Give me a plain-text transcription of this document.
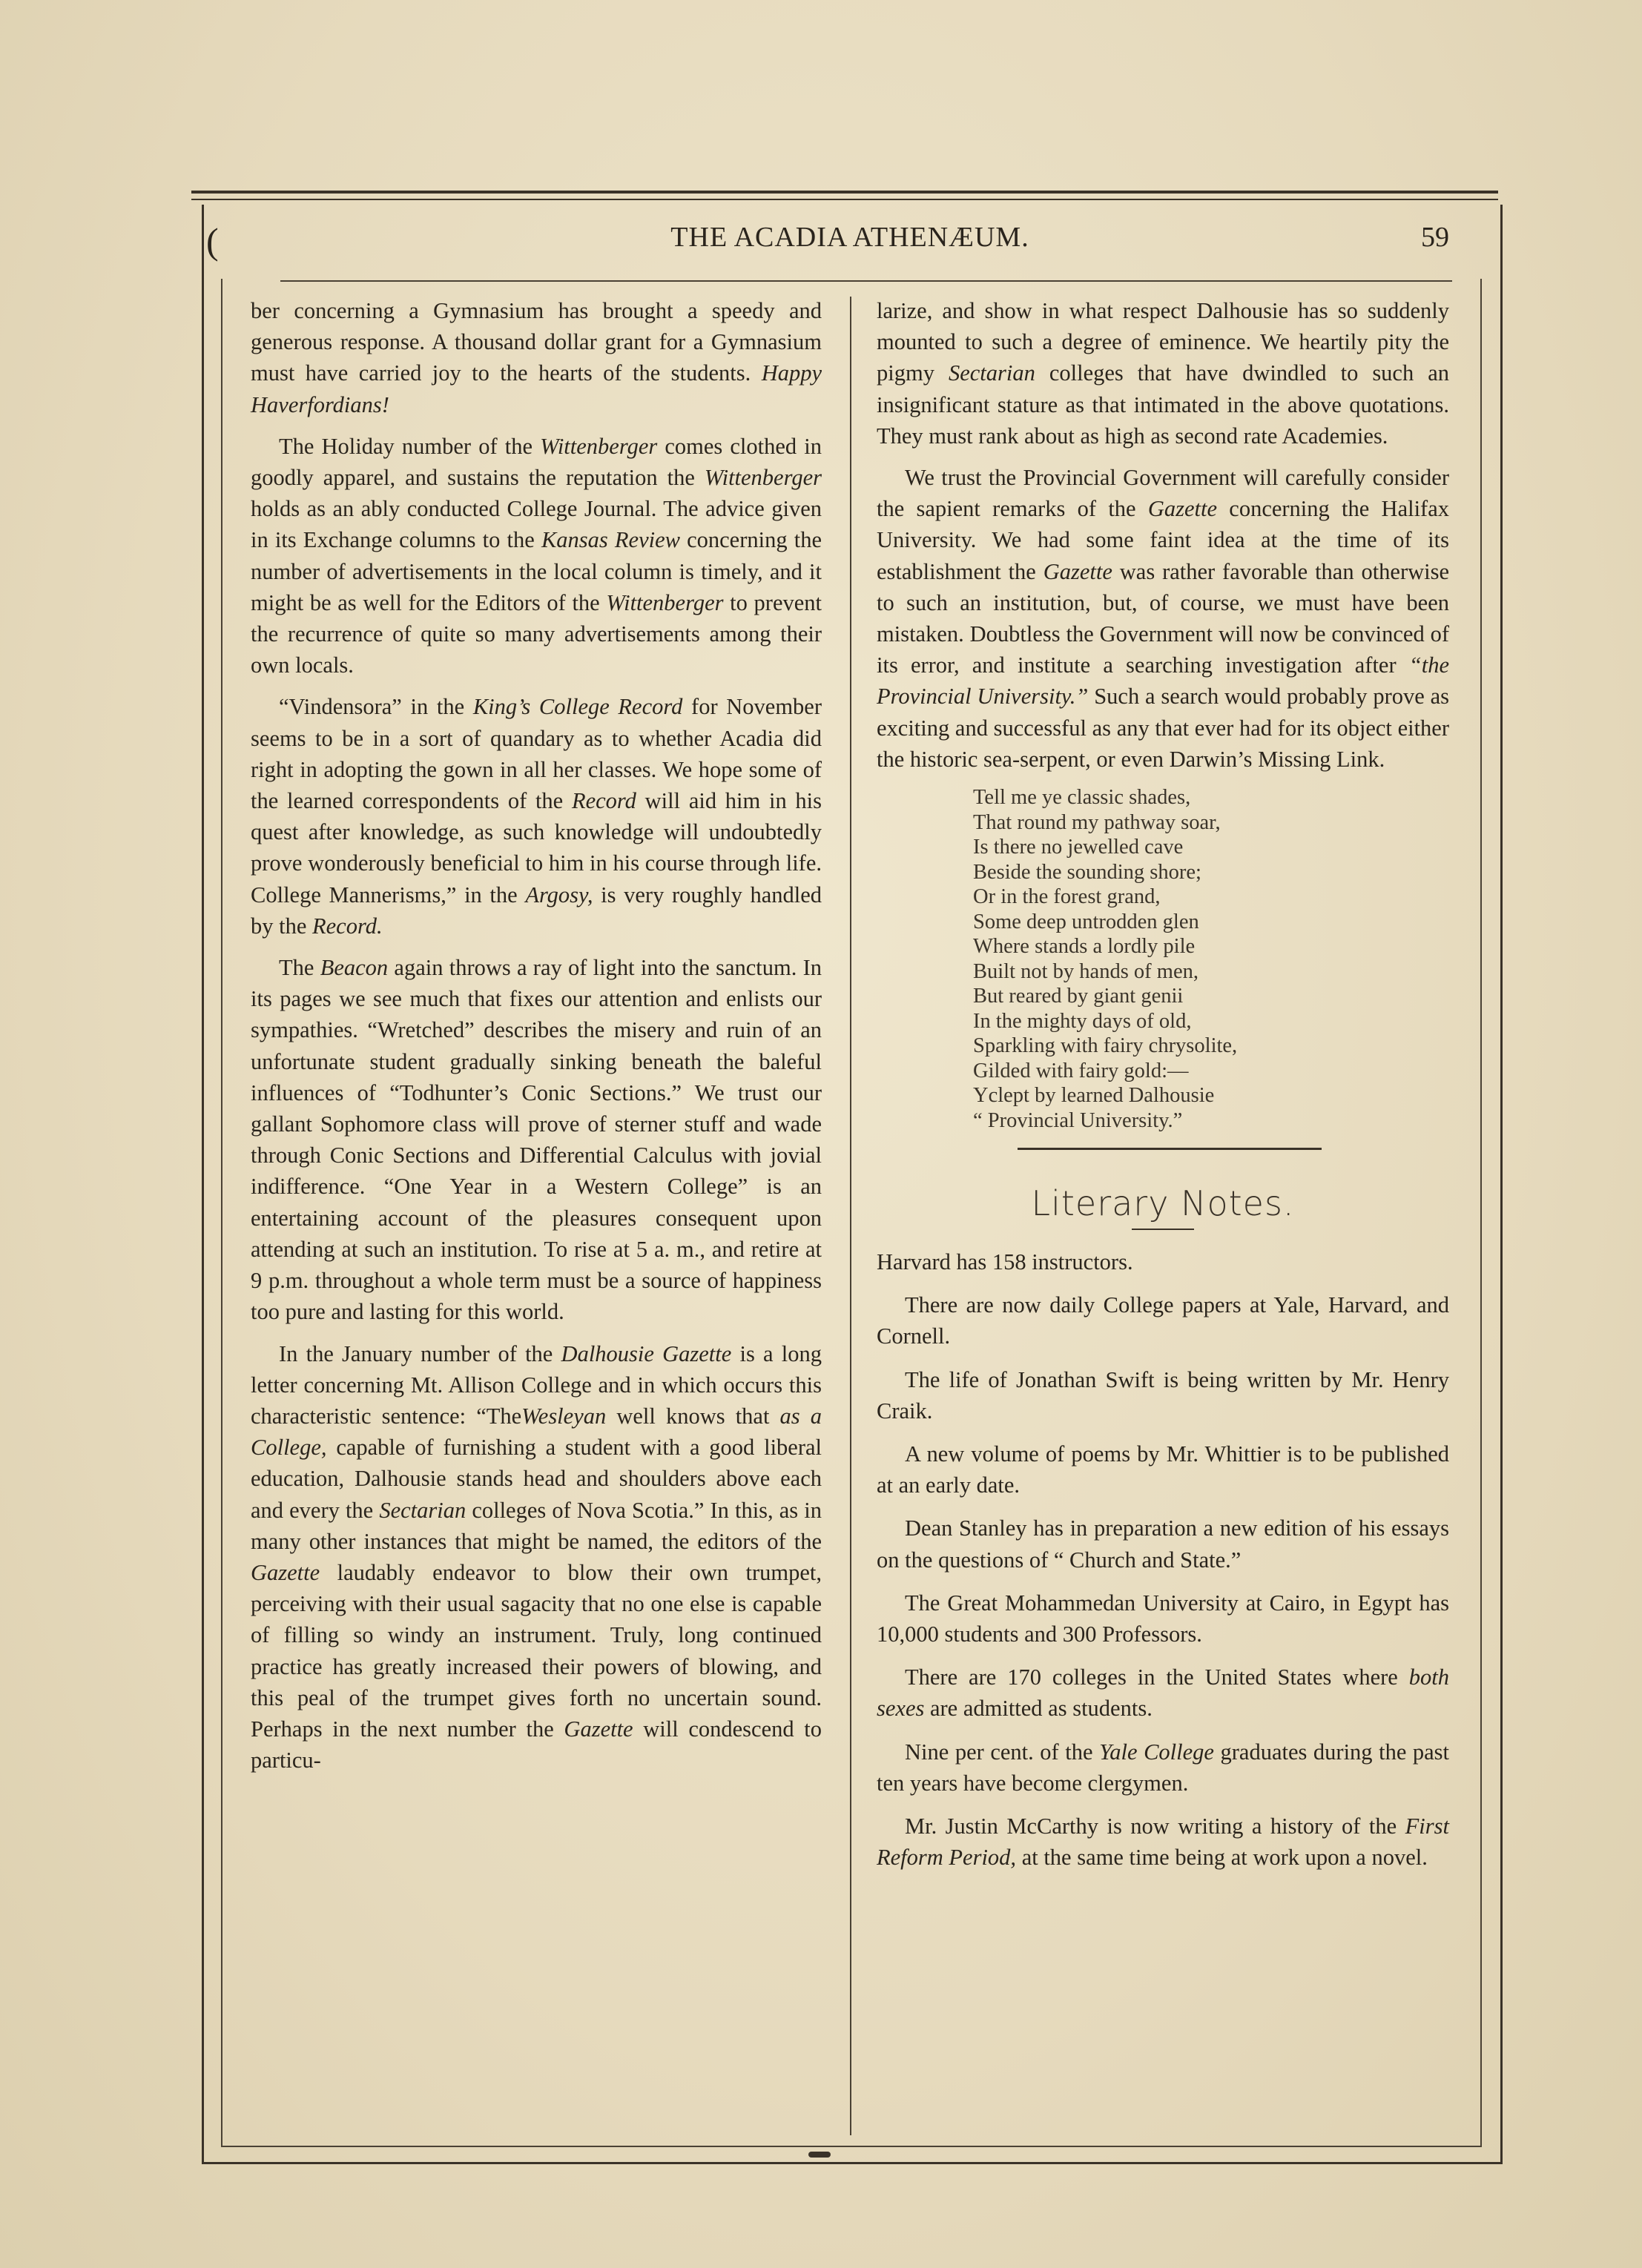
(	THE ACADIA ATHENÆUM.	59

ber concerning a Gymnasium has brought a speedy and generous response. A thousand dollar grant for a Gymnasium must have carried joy to the hearts of the students. Happy Haverfordians!

The Holiday number of the Wittenberger comes clothed in goodly apparel, and sustains the reputation the Wittenberger holds as an ably conducted College Journal. The advice given in its Exchange columns to the Kansas Review concerning the number of advertisements in the local column is timely, and it might be as well for the Editors of the Wittenberger to prevent the recurrence of quite so many advertisements among their own locals.

“Vindensora” in the King’s College Record for November seems to be in a sort of quandary as to whether Acadia did right in adopting the gown in all her classes. We hope some of the learned correspondents of the Record will aid him in his quest after knowledge, as such knowledge will undoubtedly prove wonderously beneficial to him in his course through life. College Mannerisms,” in the Argosy, is very roughly handled by the Record.

The Beacon again throws a ray of light into the sanctum. In its pages we see much that fixes our attention and enlists our sympathies. “Wretched” describes the misery and ruin of an unfortunate student gradually sinking beneath the baleful influences of “Todhunter’s Conic Sections.” We trust our gallant Sophomore class will prove of sterner stuff and wade through Conic Sections and Differential Calculus with jovial indifference. “One Year in a Western College” is an entertaining account of the pleasures consequent upon attending at such an institution. To rise at 5 a. m., and retire at 9 p.m. throughout a whole term must be a source of happiness too pure and lasting for this world.

In the January number of the Dalhousie Gazette is a long letter concerning Mt. Allison College and in which occurs this characteristic sentence: “TheWesleyan well knows that as a College, capable of furnishing a student with a good liberal education, Dalhousie stands head and shoulders above each and every the Sectarian colleges of Nova Scotia.” In this, as in many other instances that might be named, the editors of the Gazette laudably endeavor to blow their own trumpet, perceiving with their usual sagacity that no one else is capable of filling so windy an instrument. Truly, long continued practice has greatly increased their powers of blowing, and this peal of the trumpet gives forth no uncertain sound. Perhaps in the next number the Gazette will condescend to particu-

larize, and show in what respect Dalhousie has so suddenly mounted to such a degree of eminence. We heartily pity the pigmy Sectarian colleges that have dwindled to such an insignificant stature as that intimated in the above quotations. They must rank about as high as second rate Academies.

We trust the Provincial Government will carefully consider the sapient remarks of the Gazette concerning the Halifax University. We had some faint idea at the time of its establishment the Gazette was rather favorable than otherwise to such an institution, but, of course, we must have been mistaken. Doubtless the Government will now be convinced of its error, and institute a searching investigation after “the Provincial University.” Such a search would probably prove as exciting and successful as any that ever had for its object either the historic sea-serpent, or even Darwin’s Missing Link.

Tell me ye classic shades,
That round my pathway soar,
Is there no jewelled cave
Beside the sounding shore;
Or in the forest grand,
Some deep untrodden glen
Where stands a lordly pile
Built not by hands of men,
But reared by giant genii
In the mighty days of old,
Sparkling with fairy chrysolite,
Gilded with fairy gold:—
Yclept by learned Dalhousie
“ Provincial University.”
Literary Notes.

Harvard has 158 instructors.

There are now daily College papers at Yale, Harvard, and Cornell.

The life of Jonathan Swift is being written by Mr. Henry Craik.

A new volume of poems by Mr. Whittier is to be published at an early date.

Dean Stanley has in preparation a new edition of his essays on the questions of “ Church and State.”

The Great Mohammedan University at Cairo, in Egypt has 10,000 students and 300 Professors.

There are 170 colleges in the United States where both sexes are admitted as students.

Nine per cent. of the Yale College graduates during the past ten years have become clergymen.

Mr. Justin McCarthy is now writing a history of the First Reform Period, at the same time being at work upon a novel.
